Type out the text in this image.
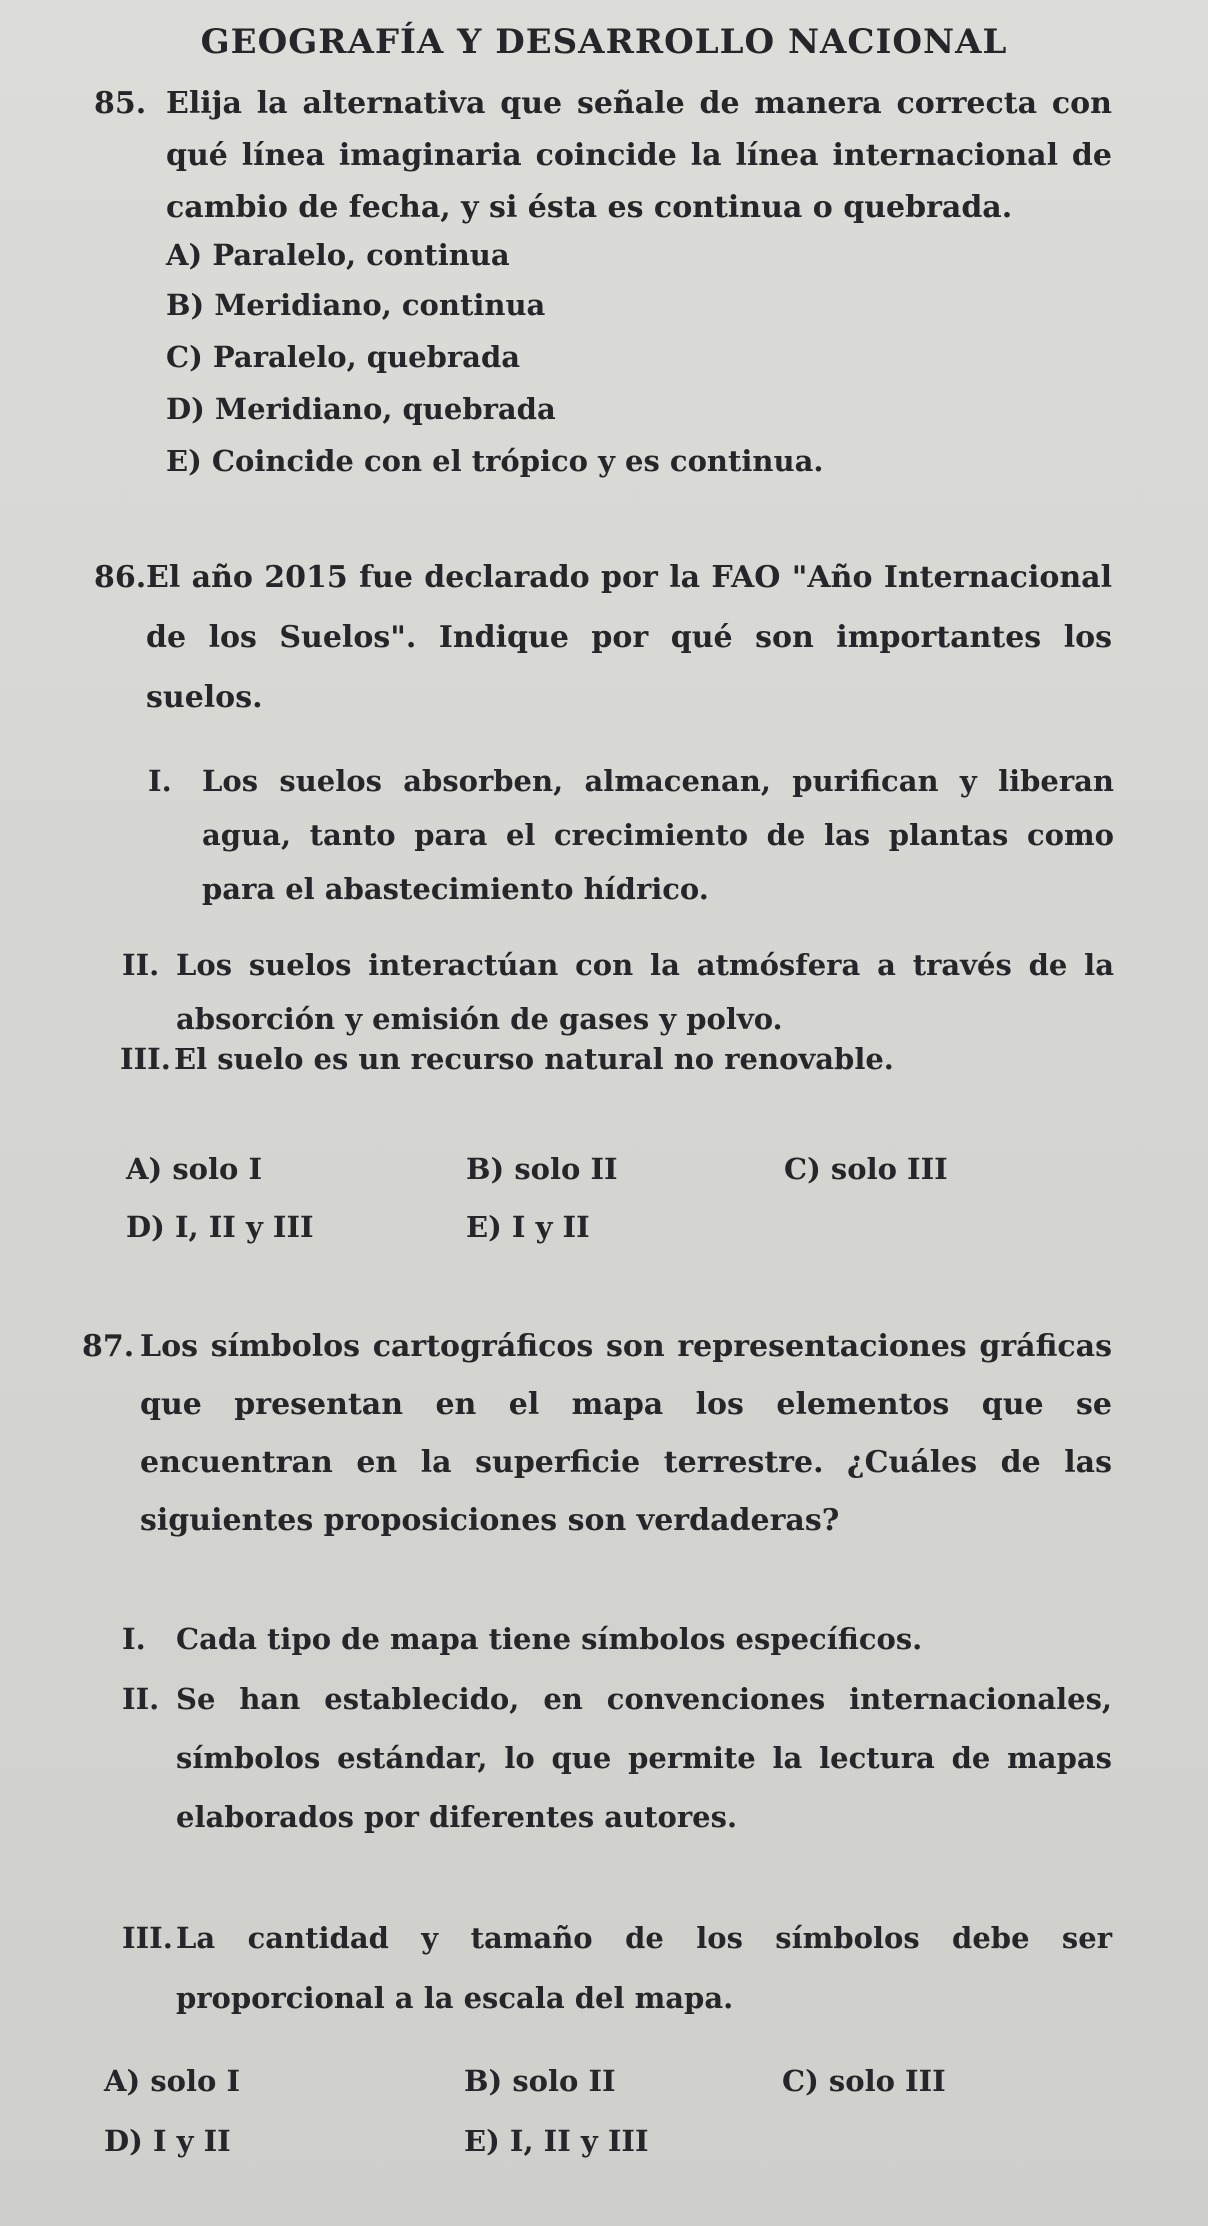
GEOGRAFÍA Y DESARROLLO NACIONAL
85. Elija la alternativa que señale de manera correcta con qué línea imaginaria coincide la línea internacional de cambio de fecha, y si ésta es continua o quebrada.
A) Paralelo, continua
B) Meridiano, continua
C) Paralelo, quebrada
D) Meridiano, quebrada
E) Coincide con el trópico y es continua.
86. El año 2015 fue declarado por la FAO "Año Internacional de los Suelos". Indique por qué son importantes los suelos.
I. Los suelos absorben, almacenan, purifican y liberan agua, tanto para el crecimiento de las plantas como para el abastecimiento hídrico.
II. Los suelos interactúan con la atmósfera a través de la absorción y emisión de gases y polvo.
III. El suelo es un recurso natural no renovable.
A) solo I	B) solo II	C) solo III
D) I, II y III	E) I y II
87. Los símbolos cartográficos son representaciones gráficas que presentan en el mapa los elementos que se encuentran en la superficie terrestre. ¿Cuáles de las siguientes proposiciones son verdaderas?
I. Cada tipo de mapa tiene símbolos específicos.
II. Se han establecido, en convenciones internacionales, símbolos estándar, lo que permite la lectura de mapas elaborados por diferentes autores.
III. La cantidad y tamaño de los símbolos debe ser proporcional a la escala del mapa.
A) solo I	B) solo II	C) solo III
D) I y II	E) I, II y III
